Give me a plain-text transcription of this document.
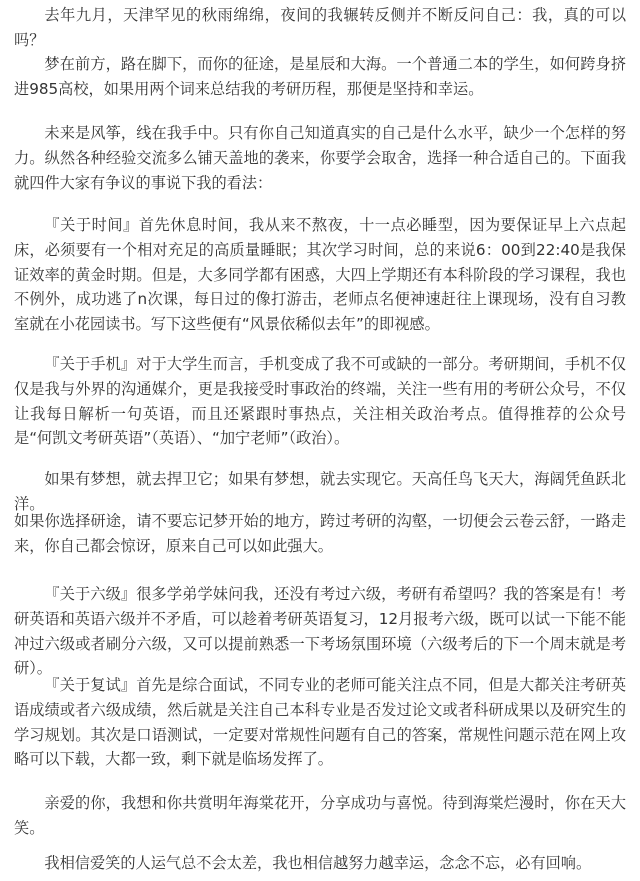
去年九月，天津罕见的秋雨绵绵，夜间的我辗转反侧并不断反问自己：我，真的可以吗？

梦在前方，路在脚下，而你的征途，是星辰和大海。一个普通二本的学生，如何跨身挤进985高校，如果用两个词来总结我的考研历程，那便是坚持和幸运。

未来是风筝，线在我手中。只有你自己知道真实的自己是什么水平，缺少一个怎样的努力。纵然各种经验交流多么铺天盖地的袭来，你要学会取舍，选择一种合适自己的。下面我就四件大家有争议的事说下我的看法：

『关于时间』首先休息时间，我从来不熬夜，十一点必睡型，因为要保证早上六点起床，必须要有一个相对充足的高质量睡眠；其次学习时间，总的来说6：00到22:40是我保证效率的黄金时期。但是，大多同学都有困惑，大四上学期还有本科阶段的学习课程，我也不例外，成功逃了n次课，每日过的像打游击，老师点名便神速赶往上课现场，没有自习教室就在小花园读书。写下这些便有“风景依稀似去年”的即视感。

『关于手机』对于大学生而言，手机变成了我不可或缺的一部分。考研期间，手机不仅仅是我与外界的沟通媒介，更是我接受时事政治的终端，关注一些有用的考研公众号，不仅让我每日解析一句英语，而且还紧跟时事热点，关注相关政治考点。值得推荐的公众号是“何凯文考研英语”（英语）、“加宁老师”（政治）。

如果有梦想，就去捍卫它；如果有梦想，就去实现它。天高任鸟飞天大，海阔凭鱼跃北洋。

如果你选择研途，请不要忘记梦开始的地方，跨过考研的沟壑，一切便会云卷云舒，一路走来，你自己都会惊讶，原来自己可以如此强大。

『关于六级』很多学弟学妹问我，还没有考过六级，考研有希望吗？我的答案是有！考研英语和英语六级并不矛盾，可以趁着考研英语复习，12月报考六级，既可以试一下能不能冲过六级或者刷分六级，又可以提前熟悉一下考场氛围环境（六级考后的下一个周末就是考研）。

『关于复试』首先是综合面试，不同专业的老师可能关注点不同，但是大都关注考研英语成绩或者六级成绩，然后就是关注自己本科专业是否发过论文或者科研成果以及研究生的学习规划。其次是口语测试，一定要对常规性问题有自己的答案，常规性问题示范在网上攻略可以下载，大都一致，剩下就是临场发挥了。

亲爱的你，我想和你共赏明年海棠花开，分享成功与喜悦。待到海棠烂漫时，你在天大笑。

我相信爱笑的人运气总不会太差，我也相信越努力越幸运，念念不忘，必有回响。
